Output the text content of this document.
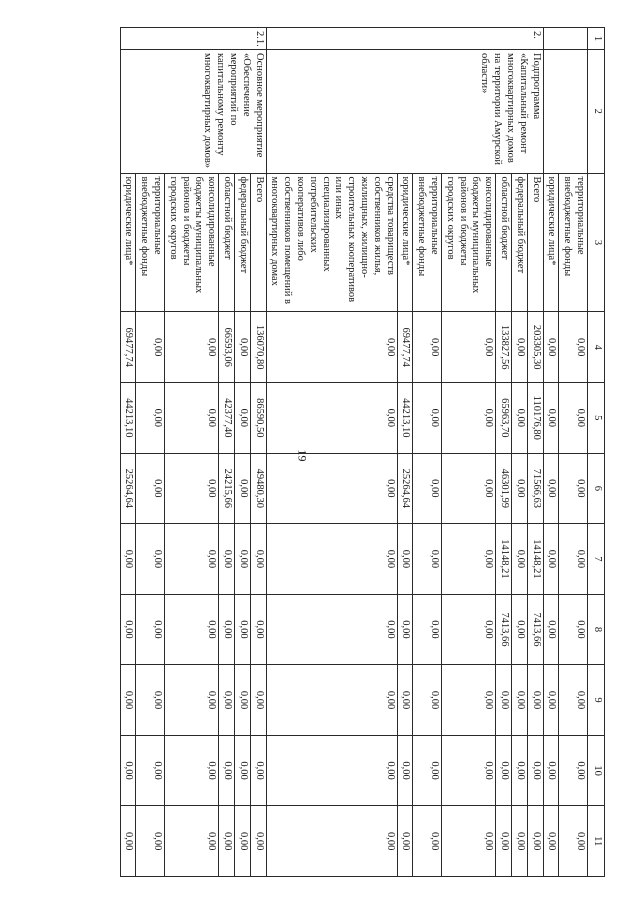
19
1	2	3	4	5	6	7	8	9	10	11
		территориальные внебюджетные фонды	0,00	0,00	0,00	0,00	0,00	0,00	0,00	0,00
		юридические лица*	0,00	0,00	0,00	0,00	0,00	0,00	0,00	0,00
2.	Подпрограмма «Капитальный ремонт многоквартирных домов на территории Амурской области»	Всего	203305,30	110176,80	71566,63	14148,21	7413,66	0,00	0,00	0,00
		федеральный бюджет	0,00	0,00	0,00	0,00	0,00	0,00	0,00	0,00
		областной бюджет	133827,56	65963,70	46301,99	14148,21	7413,66	0,00	0,00	0,00
		консолидированные бюджеты муниципальных районов и бюджеты городских округов	0,00	0,00	0,00	0,00	0,00	0,00	0,00	0,00
		территориальные внебюджетные фонды	0,00	0,00	0,00	0,00	0,00	0,00	0,00	0,00
		юридические лица*	69477,74	44213,10	25264,64	0,00	0,00	0,00	0,00	0,00
		средства товариществ собственников жилья, жилищных, жилищно-строительных кооперативов или иных специализированных потребительских кооперативов либо собственников помещений в многоквартирных домах	0,00	0,00	0,00	0,00	0,00	0,00	0,00	0,00
2.1.	Основное мероприятие «Обеспечение мероприятий по капитальному ремонту многоквартирных домов»	Всего	136070,80	86590,50	49480,30	0,00	0,00	0,00	0,00	0,00
		федеральный бюджет	0,00	0,00	0,00	0,00	0,00	0,00	0,00	0,00
		областной бюджет	66593,06	42377,40	24215,66	0,00	0,00	0,00	0,00	0,00
		консолидированные бюджеты муниципальных районов и бюджеты городских округов	0,00	0,00	0,00	0,00	0,00	0,00	0,00	0,00
		территориальные внебюджетные фонды	0,00	0,00	0,00	0,00	0,00	0,00	0,00	0,00
		юридические лица*	69477,74	44213,10	25264,64	0,00	0,00	0,00	0,00	0,00
